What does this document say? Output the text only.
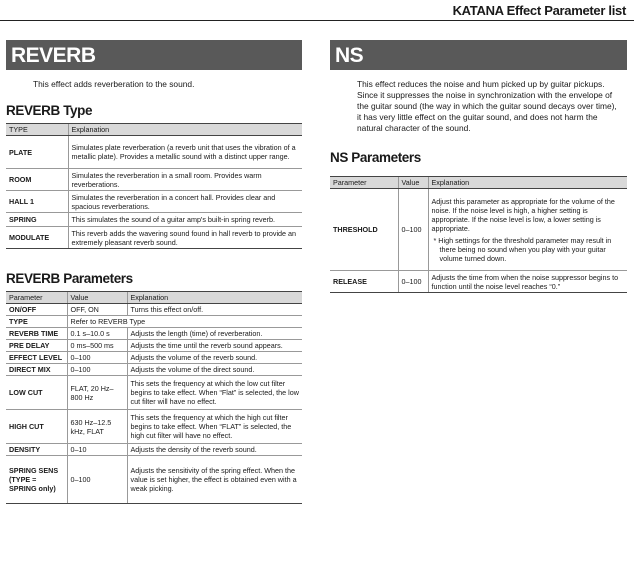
KATANA Effect Parameter list
REVERB

This effect adds reverberation to the sound.

REVERB Type
TYPE	Explanation
PLATE	Simulates plate reverberation (a reverb unit that uses the vibration of a metallic plate). Provides a metallic sound with a distinct upper range.
ROOM	Simulates the reverberation in a small room. Provides warm reverberations.
HALL 1	Simulates the reverberation in a concert hall. Provides clear and spacious reverberations.
SPRING	This simulates the sound of a guitar amp's built-in spring reverb.
MODULATE	This reverb adds the wavering sound found in hall reverb to provide an extremely pleasant reverb sound.
REVERB Parameters
Parameter	Value	Explanation
ON/OFF	OFF, ON	Turns this effect on/off.
TYPE	Refer to REVERB Type	
REVERB TIME	0.1 s–10.0 s	Adjusts the length (time) of reverberation.
PRE DELAY	0 ms–500 ms	Adjusts the time until the reverb sound appears.
EFFECT LEVEL	0–100	Adjusts the volume of the reverb sound.
DIRECT MIX	0–100	Adjusts the volume of the direct sound.
LOW CUT	FLAT, 20 Hz–800 Hz	This sets the frequency at which the low cut filter begins to take effect. When “Flat” is selected, the low cut filter will have no effect.
HIGH CUT	630 Hz–12.5 kHz, FLAT	This sets the frequency at which the high cut filter begins to take effect. When “FLAT” is selected, the high cut filter will have no effect.
DENSITY	0–10	Adjusts the density of the reverb sound.
SPRING SENS (TYPE = SPRING only)	0–100	Adjusts the sensitivity of the spring effect. When the value is set higher, the effect is obtained even with a weak picking.
NS

This effect reduces the noise and hum picked up by guitar pickups. Since it suppresses the noise in synchronization with the envelope of the guitar sound (the way in which the guitar sound decays over time), it has very little effect on the guitar sound, and does not harm the natural character of the sound.

NS Parameters
Parameter	Value	Explanation
THRESHOLD	0–100	Adjust this parameter as appropriate for the volume of the noise. If the noise level is high, a higher setting is appropriate. If the noise level is low, a lower setting is appropriate.
* High settings for the threshold parameter may result in there being no sound when you play with your guitar volume turned down.

RELEASE	0–100	Adjusts the time from when the noise suppressor begins to function until the noise level reaches “0.”
